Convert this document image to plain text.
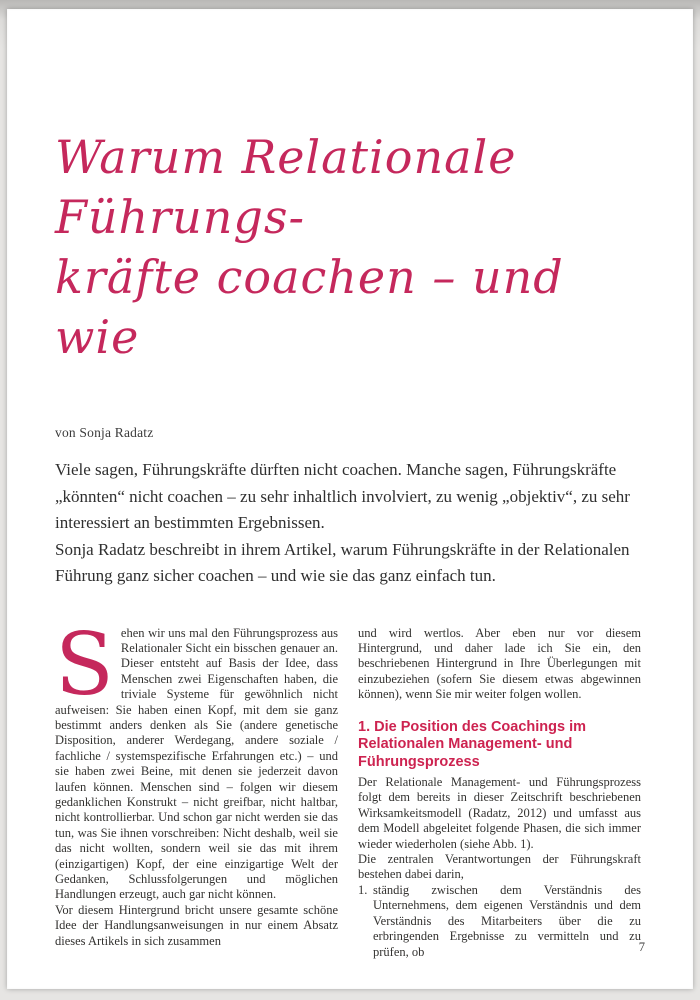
Warum Relationale Führungs-
kräfte coachen – und wie
von Sonja Radatz
Viele sagen, Führungskräfte dürften nicht coachen. Manche sagen, Führungskräfte „könnten“ nicht coachen – zu sehr inhaltlich involviert, zu wenig „objektiv“, zu sehr interessiert an bestimmten Ergebnissen.
Sonja Radatz beschreibt in ihrem Artikel, warum Führungskräfte in der Relationalen Führung ganz sicher coachen – und wie sie das ganz einfach tun.
Sehen wir uns mal den Führungsprozess aus Relationaler Sicht ein bisschen genauer an. Dieser entsteht auf Basis der Idee, dass Menschen zwei Eigenschaften haben, die triviale Systeme für gewöhnlich nicht aufweisen: Sie haben einen Kopf, mit dem sie ganz bestimmt anders denken als Sie (andere genetische Disposition, anderer Werdegang, andere soziale / fachliche / systemspezifische Erfahrungen etc.) – und sie haben zwei Beine, mit denen sie jederzeit davon laufen können. Menschen sind – folgen wir diesem gedanklichen Konstrukt – nicht greifbar, nicht haltbar, nicht kontrollierbar. Und schon gar nicht werden sie das tun, was Sie ihnen vorschreiben: Nicht deshalb, weil sie das nicht wollten, sondern weil sie das mit ihrem (einzigartigen) Kopf, der eine einzigartige Welt der Gedanken, Schlussfolgerungen und möglichen Handlungen erzeugt, auch gar nicht können.
Vor diesem Hintergrund bricht unsere gesamte schöne Idee der Handlungsanweisungen in nur einem Absatz dieses Artikels in sich zusammen
und wird wertlos. Aber eben nur vor diesem Hintergrund, und daher lade ich Sie ein, den beschriebenen Hintergrund in Ihre Überlegungen mit einzubeziehen (sofern Sie diesem etwas abgewinnen können), wenn Sie mir weiter folgen wollen.
1. Die Position des Coachings im Relationalen Management- und Führungsprozess
Der Relationale Management- und Führungsprozess folgt dem bereits in dieser Zeitschrift beschriebenen Wirksamkeitsmodell (Radatz, 2012) und umfasst aus dem Modell abgeleitet folgende Phasen, die sich immer wieder wiederholen (siehe Abb. 1).
Die zentralen Verantwortungen der Führungskraft bestehen dabei darin,
1. ständig zwischen dem Verständnis des Unternehmens, dem eigenen Verständnis und dem Verständnis des Mitarbeiters über die zu erbringenden Ergebnisse zu vermitteln und zu prüfen, ob	7
